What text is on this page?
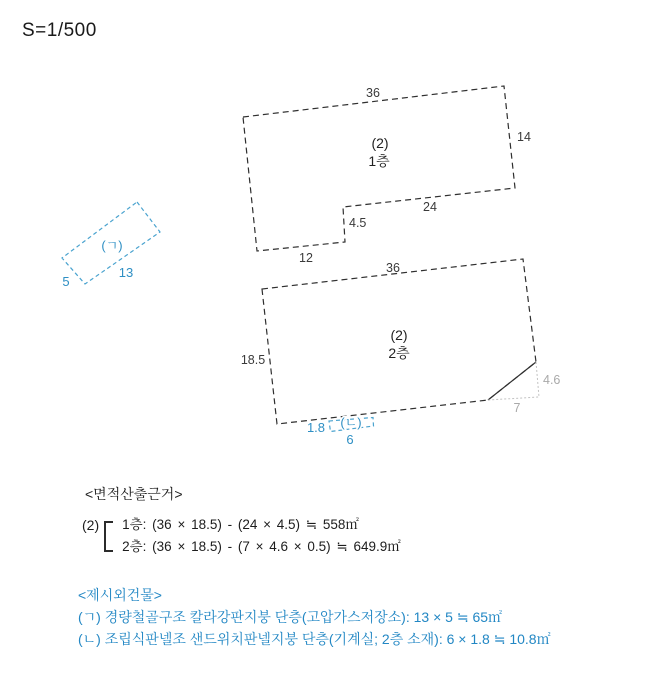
S=1/500
36
14
24
4.5
12
(2)
1층
36
18.5
4.6
7
(2)
2층
(ㄱ)
13
5
1.8 (ㄴ)
6
<면적산출근거>
(2) 1층: (36 × 18.5) - (24 × 4.5) ≒ 558㎡
2층: (36 × 18.5) - (7 × 4.6 × 0.5) ≒ 649.9㎡
<제시외건물>
(ㄱ) 경량철골구조 칼라강판지붕 단층(고압가스저장소): 13 × 5 ≒ 65㎡
(ㄴ) 조립식판넬조 샌드위치판넬지붕 단층(기계실; 2층 소재): 6 × 1.8 ≒ 10.8㎡
